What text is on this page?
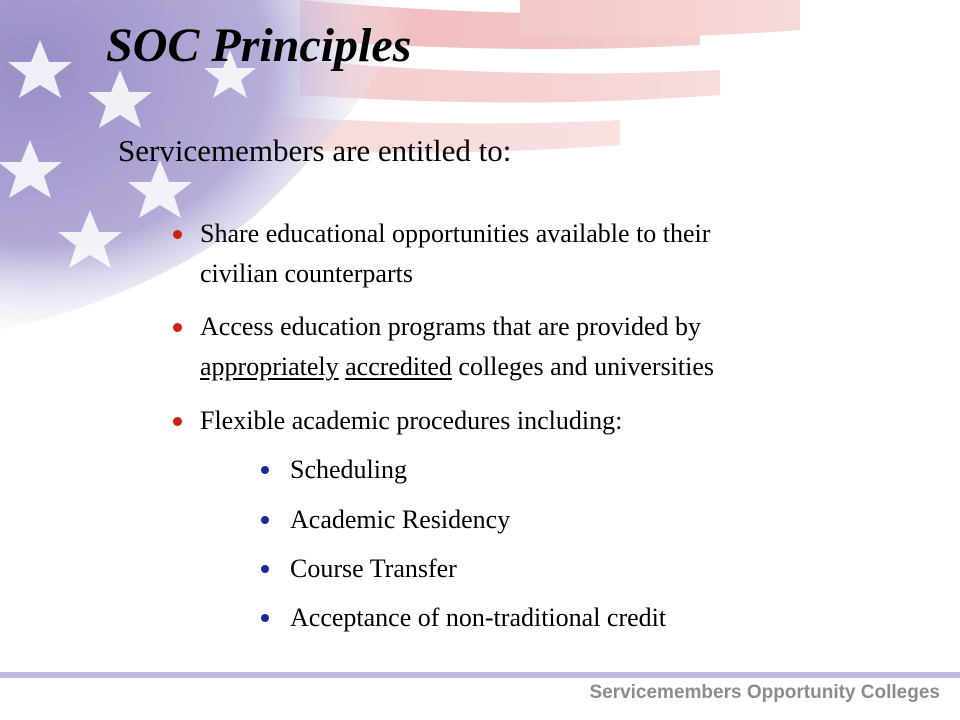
SOC Principles
Servicemembers are entitled to:
Share educational opportunities available to their
civilian counterparts
Access education programs that are provided by
appropriately accredited colleges and universities
Flexible academic procedures including:
Scheduling
Academic Residency
Course Transfer
Acceptance of non-traditional credit

Servicemembers Opportunity Colleges
